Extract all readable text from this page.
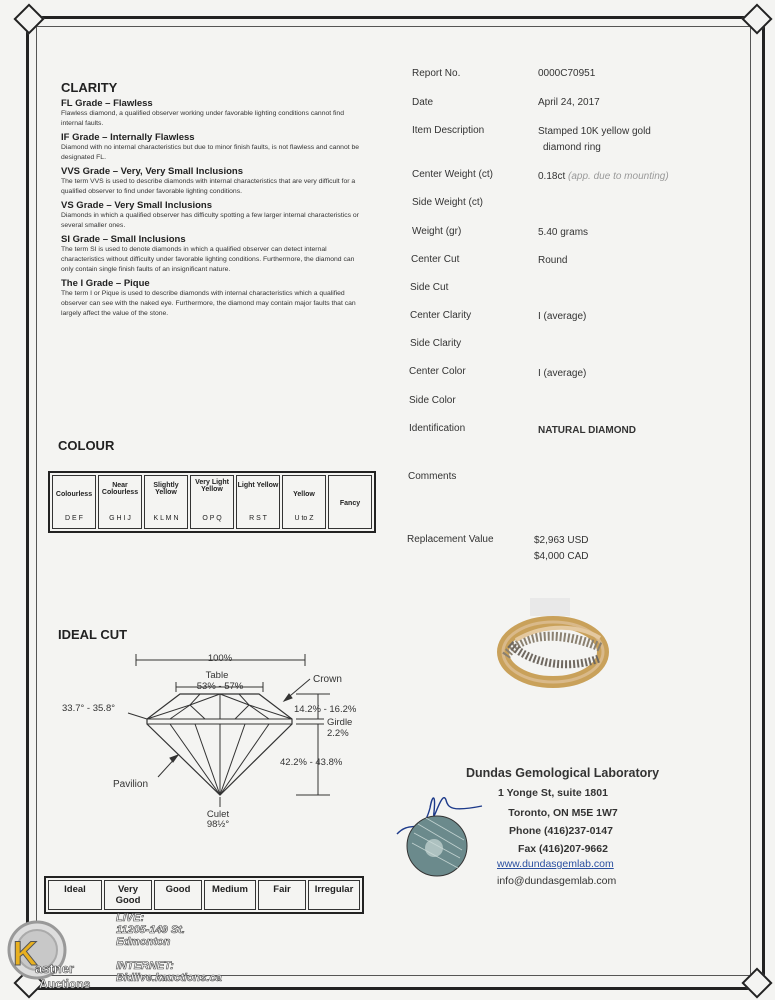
CLARITY
FL Grade – Flawless
Flawless diamond, a qualified observer working under favorable lighting conditions cannot find internal faults.
IF Grade – Internally Flawless
Diamond with no internal characteristics but due to minor finish faults, is not flawless and cannot be designated FL.
VVS Grade – Very, Very Small Inclusions
The term VVS is used to describe diamonds with internal characteristics that are very difficult for a qualified observer to find under favorable lighting conditions.
VS Grade – Very Small Inclusions
Diamonds in which a qualified observer has difficulty spotting a few larger internal characteristics or several smaller ones.
SI Grade – Small Inclusions
The term SI is used to denote diamonds in which a qualified observer can detect internal characteristics without difficulty under favorable lighting conditions. Furthermore, the diamond can only contain single finish faults of an insignificant nature.
The I Grade – Pique
The term I or Pique is used to describe diamonds with internal characteristics which a qualified observer can see with the naked eye. Furthermore, the diamond may contain major faults that can largely affect the value of the stone.
COLOUR
Colourless
D E F
Near Colourless
G H I J
Slightly Yellow
K L M N
Very Light Yellow
O P Q
Light Yellow
R S T
Yellow
U to Z
Fancy
IDEAL CUT
100%
Table
53% - 57%
Crown
33.7° - 35.8°	14.2% - 16.2%
Girdle
2.2%
42.2% - 43.8%
Pavilion
Culet
98½°
Ideal	Very Good
Good	Medium	Fair	Irregular
Report No.	0000C70951
Date	April 24, 2017
Item Description	Stamped 10K yellow gold
diamond ring
Center Weight (ct)	0.18ct (app. due to mounting)
Side Weight (ct)
Weight (gr)	5.40 grams
Center Cut	Round
Side Cut
Center Clarity	I (average)
Side Clarity
Center Color	I (average)
Side Color
Identification	NATURAL DIAMOND
Comments
Replacement Value	$2,963 USD
$4,000 CAD
Dundas Gemological Laboratory
1 Yonge St, suite 1801
Toronto, ON M5E 1W7
Phone (416)237-0147
Fax (416)207-9662
www.dundasgemlab.com
info@dundasgemlab.com
K
astner
Auctions
LIVE:
11205-149 St.
Edmonton
INTERNET:
Bidlive.kauctions.ca
